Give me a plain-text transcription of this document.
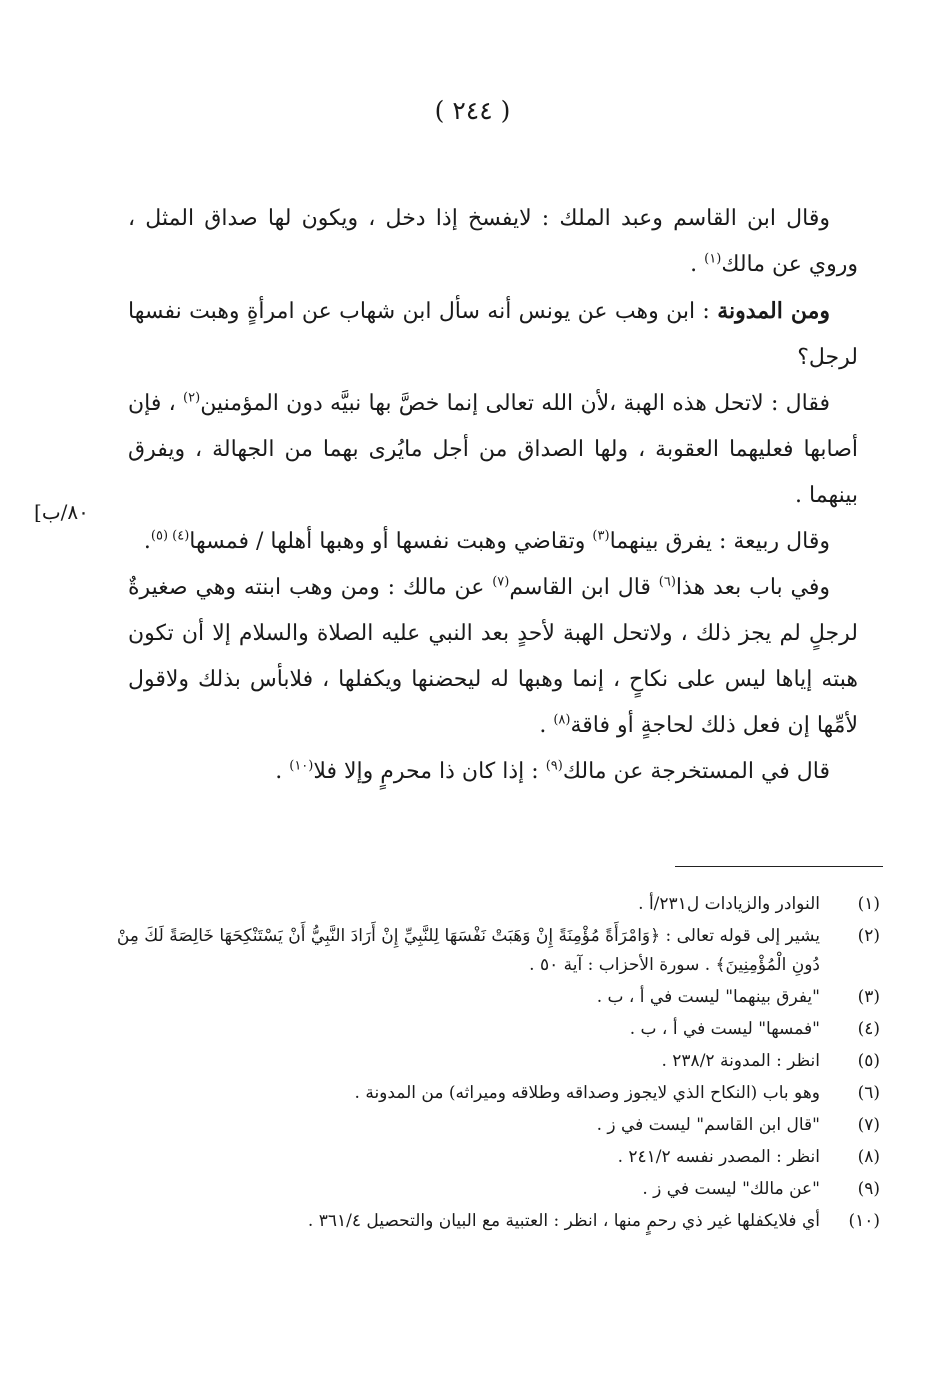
( ٢٤٤ )
[٨٠/ب

وقال ابن القاسم وعبد الملك : لايفسخ إذا دخل ، ويكون لها صداق المثل ، وروي عن مالك$^{(١)}$ .

ومن المدونة : ابن وهب عن يونس أنه سأل ابن شهاب عن امرأةٍ وهبت نفسها لرجل؟

فقال : لاتحل هذه الهبة ،لأن الله تعالى إنما خصَّ بها نبيَّه دون المؤمنين$^{(٢)}$ ، فإن أصابها فعليهما العقوبة ، ولها الصداق من أجل مايُرى بهما من الجهالة ، ويفرق بينهما .

وقال ربيعة : يفرق بينهما$^{(٣)}$ وتقاضي وهبت نفسها أو وهبها أهلها / فمسها$^{(٤) (٥)}$.

وفي باب بعد هذا$^{(٦)}$ قال ابن القاسم$^{(٧)}$ عن مالك : ومن وهب ابنته وهي صغيرةٌ لرجلٍ لم يجز ذلك ، ولاتحل الهبة لأحدٍ بعد النبي عليه الصلاة والسلام إلا أن تكون هبته إياها ليس على نكاحٍ ، إنما وهبها له ليحضنها ويكفلها ، فلابأس بذلك ولاقول لأمِّها إن فعل ذلك لحاجةٍ أو فاقة$^{(٨)}$ .

قال في المستخرجة عن مالك$^{(٩)}$ : إذا كان ذا محرمٍ وإلا فلا$^{(١٠)}$ .

(١)
النوادر والزيادات ل٢٣١/أ .
(٢)
يشير إلى قوله تعالى : ﴿وَامْرَأَةً مُؤْمِنَةً إِنْ وَهَبَتْ نَفْسَهَا لِلنَّبِيِّ إِنْ أَرَادَ النَّبِيُّ أَنْ يَسْتَنْكِحَهَا خَالِصَةً لَكَ مِنْ دُونِ الْمُؤْمِنِينَ﴾ . سورة الأحزاب : آية ٥٠ .
(٣)
"يفرق بينهما" ليست في أ ، ب .
(٤)
"فمسها" ليست في أ ، ب .
(٥)
انظر : المدونة ٢٣٨/٢ .
(٦)
وهو باب (النكاح الذي لايجوز وصداقه وطلاقه وميراثه) من المدونة .
(٧)
"قال ابن القاسم" ليست في ز .
(٨)
انظر : المصدر نفسه ٢٤١/٢ .
(٩)
"عن مالك" ليست في ز .
(١٠)
أي فلايكفلها غير ذي رحمٍ منها ، انظر : العتبية مع البيان والتحصيل ٣٦١/٤ .
